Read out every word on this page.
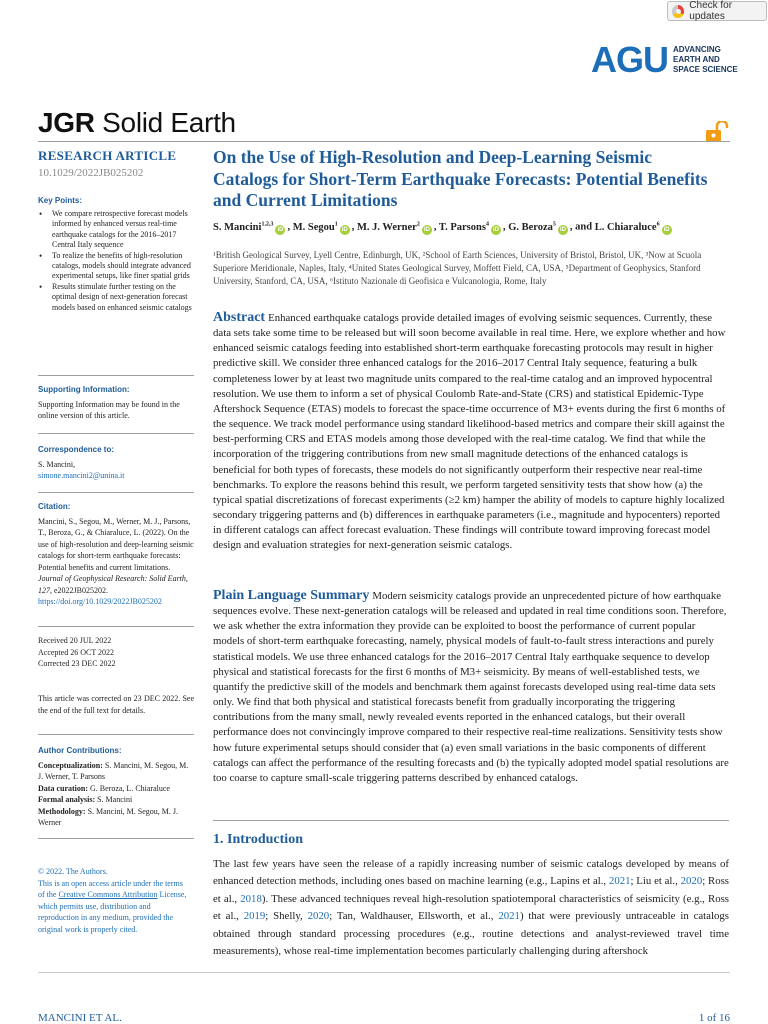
Check for updates
AGU ADVANCING
EARTH AND
SPACE SCIENCE
JGR Solid Earth
RESEARCH ARTICLE
10.1029/2022JB025202
Key Points:
• We compare retrospective forecast models informed by enhanced versus real-time earthquake catalogs for the 2016–2017 Central Italy sequence
• To realize the benefits of high-resolution catalogs, models should integrate advanced experimental setups, like finer spatial grids
• Results stimulate further testing on the optimal design of next-generation forecast models based on enhanced seismic catalogs
Supporting Information:
Supporting Information may be found in the online version of this article.
Correspondence to:
S. Mancini,
simone.mancini2@unina.it
Citation:
Mancini, S., Segou, M., Werner, M. J., Parsons, T., Beroza, G., & Chiaraluce, L. (2022). On the use of high-resolution and deep-learning seismic catalogs for short-term earthquake forecasts: Potential benefits and current limitations. Journal of Geophysical Research: Solid Earth, 127, e2022JB025202. https://doi.org/10.1029/2022JB025202
Received 20 JUL 2022
Accepted 26 OCT 2022
Corrected 23 DEC 2022
This article was corrected on 23 DEC 2022. See the end of the full text for details.
Author Contributions:
Conceptualization: S. Mancini, M. Segou, M. J. Werner, T. Parsons
Data curation: G. Beroza, L. Chiaraluce
Formal analysis: S. Mancini
Methodology: S. Mancini, M. Segou, M. J. Werner
© 2022. The Authors.
This is an open access article under the terms of the Creative Commons Attribution License, which permits use, distribution and reproduction in any medium, provided the original work is properly cited.
On the Use of High-Resolution and Deep-Learning Seismic Catalogs for Short-Term Earthquake Forecasts: Potential Benefits and Current Limitations
S. Mancini$^{1,2,3}$iD , M. Segou$^1$iD , M. J. Werner$^2$iD , T. Parsons$^4$iD , G. Beroza$^5$iD , and L. Chiaraluce$^6$iD
¹British Geological Survey, Lyell Centre, Edinburgh, UK, ²School of Earth Sciences, University of Bristol, Bristol, UK, ³Now at Scuola Superiore Meridionale, Naples, Italy, ⁴United States Geological Survey, Moffett Field, CA, USA, ⁵Department of Geophysics, Stanford University, Stanford, CA, USA, ⁶Istituto Nazionale di Geofisica e Vulcanologia, Rome, Italy
Abstract Enhanced earthquake catalogs provide detailed images of evolving seismic sequences. Currently, these data sets take some time to be released but will soon become available in real time. Here, we explore whether and how enhanced seismic catalogs feeding into established short-term earthquake forecasting protocols may result in higher predictive skill. We consider three enhanced catalogs for the 2016–2017 Central Italy sequence, featuring a bulk completeness lower by at least two magnitude units compared to the real-time catalog and an improved hypocentral resolution. We use them to inform a set of physical Coulomb Rate-and-State (CRS) and statistical Epidemic-Type Aftershock Sequence (ETAS) models to forecast the space-time occurrence of M3+ events during the first 6 months of the sequence. We track model performance using standard likelihood-based metrics and compare their skill against the best-performing CRS and ETAS models among those developed with the real-time catalog. We find that while the incorporation of the triggering contributions from new small magnitude detections of the enhanced catalogs is beneficial for both types of forecasts, these models do not significantly outperform their respective near real-time benchmarks. To explore the reasons behind this result, we perform targeted sensitivity tests that show how (a) the typical spatial discretizations of forecast experiments (≥2 km) hamper the ability of models to capture highly localized secondary triggering patterns and (b) differences in earthquake parameters (i.e., magnitude and hypocenters) reported in different catalogs can affect forecast evaluation. These findings will contribute toward improving forecast model design and evaluation strategies for next-generation seismic catalogs.
Plain Language Summary Modern seismicity catalogs provide an unprecedented picture of how earthquake sequences evolve. These next-generation catalogs will be released and updated in real time conditions soon. Therefore, we ask whether the extra information they provide can be exploited to boost the performance of current popular models of short-term earthquake forecasting, namely, physical models of fault-to-fault stress interactions and purely statistical models. We use three enhanced catalogs for the 2016–2017 Central Italy earthquake sequence to develop physical and statistical forecasts for the first 6 months of M3+ seismicity. By means of well-established tests, we quantify the predictive skill of the models and benchmark them against forecasts developed using real-time data sets only. We find that both physical and statistical forecasts benefit from gradually incorporating the triggering contributions from the many small, newly revealed events reported in the enhanced catalogs, but their overall performance does not convincingly improve compared to their respective real-time realizations. Sensitivity tests show how future experimental setups should consider that (a) even small variations in the basic components of different catalogs can affect the performance of the resulting forecasts and (b) the typically adopted model spatial resolutions are too coarse to capture small-scale triggering patterns described by enhanced catalogs.
1. Introduction
The last few years have seen the release of a rapidly increasing number of seismic catalogs developed by means of enhanced detection methods, including ones based on machine learning (e.g., Lapins et al., 2021; Liu et al., 2020; Ross et al., 2018). These advanced techniques reveal high-resolution spatiotemporal characteristics of seismicity (e.g., Ross et al., 2019; Shelly, 2020; Tan, Waldhauser, Ellsworth, et al., 2021) that were previously untraceable in catalogs obtained through standard processing procedures (e.g., routine detections and analyst-reviewed travel time measurements), whose real-time implementation becomes particularly challenging during aftershock
MANCINI ET AL.	1 of 16
